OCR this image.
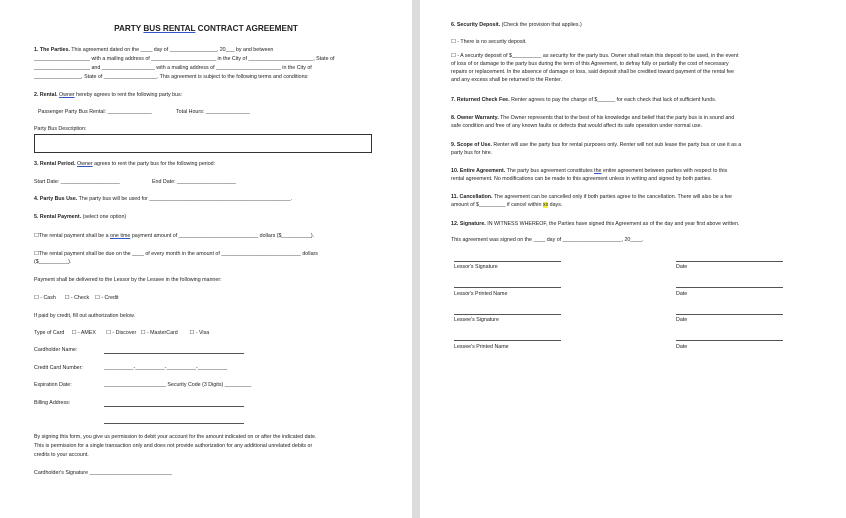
PARTY BUS RENTAL CONTRACT AGREEMENT
1. The Parties. This agreement dated on the ____ day of ________________, 20___ by and between
___________________ with a mailing address of ______________________ in the City of ______________________, State of
___________________ and __________________ with a mailing address of ______________________ in the City of
________________, State of __________________. This agreement is subject to the following terms and conditions:
2. Rental. Owner hereby agrees to rent the following party bus:
Passenger Party Bus Rental: _______________	Total Hours: _______________
Party Bus Description:
3. Rental Period. Owner agrees to rent the party bus for the following period:
Start Date: ____________________	End Date: ____________________
4. Party Bus Use. The party bus will be used for ________________________________________________.
5. Rental Payment. (select one option)
☐The rental payment shall be a one time payment amount of ___________________________ dollars ($__________).
☐The rental payment shall be due on the ____ of every month in the amount of ___________________________ dollars
($__________).
Payment shall be delivered to the Lessor by the Lessee in the following manner:
☐ - Cash      ☐ - Check    ☐ - Credit
If paid by credit, fill out authorization below.
Type of Card     ☐ - AMEX       ☐ - Discover   ☐ - MasterCard        ☐ - Visa
Cardholder Name:
Credit Card Number:	__________-__________-__________-__________
Expiration Date:	_____________________ Security Code (3 Digits) _________
Billing Address:
By signing this form, you give us permission to debit your account for the amount indicated on or after the indicated date.
This is permission for a single transaction only and does not provide authorization for any additional unrelated debits or
credits to your account.
Cardholder's Signature ____________________________
6. Security Deposit. (Check the provision that applies.)
☐ - There is no security deposit.
☐ - A security deposit of $__________ as security for the party bus. Owner shall retain this deposit to be used, in the event
of loss of or damage to the party bus during the term of this Agreement, to defray fully or partially the cost of necessary
repairs or replacement. In the absence of damage or loss, said deposit shall be credited toward payment of the rental fee
and any excess shall be returned to the Renter.
7. Returned Check Fee. Renter agrees to pay the charge of $______ for each check that lack of sufficient funds.
8. Owner Warranty. The Owner represents that to the best of his knowledge and belief that the party bus is in sound and
safe condition and free of any known faults or defects that would affect its safe operation under normal use.
9. Scope of Use. Renter will use the party bus for rental purposes only. Renter will not sub lease the party bus or use it as a
party bus for hire.
10. Entire Agreement. The party bus agreement constitutes the entire agreement between parties with respect to this
rental agreement. No modifications can be made to this agreement unless in writing and signed by both parties.
11. Cancellation. The agreement can be cancelled only if both parties agree to the cancellation. There will also be a fee
amount of $_________ if cancel within xx days.
12. Signature. IN WITNESS WHEREOF, the Parties have signed this Agreement as of the day and year first above written.
This agreement was signed on the ____ day of ____________________, 20____.
Lessor's Signature	Date
Lessor's Printed Name	Date
Lessee's Signature	Date
Lessee's Printed Name	Date
